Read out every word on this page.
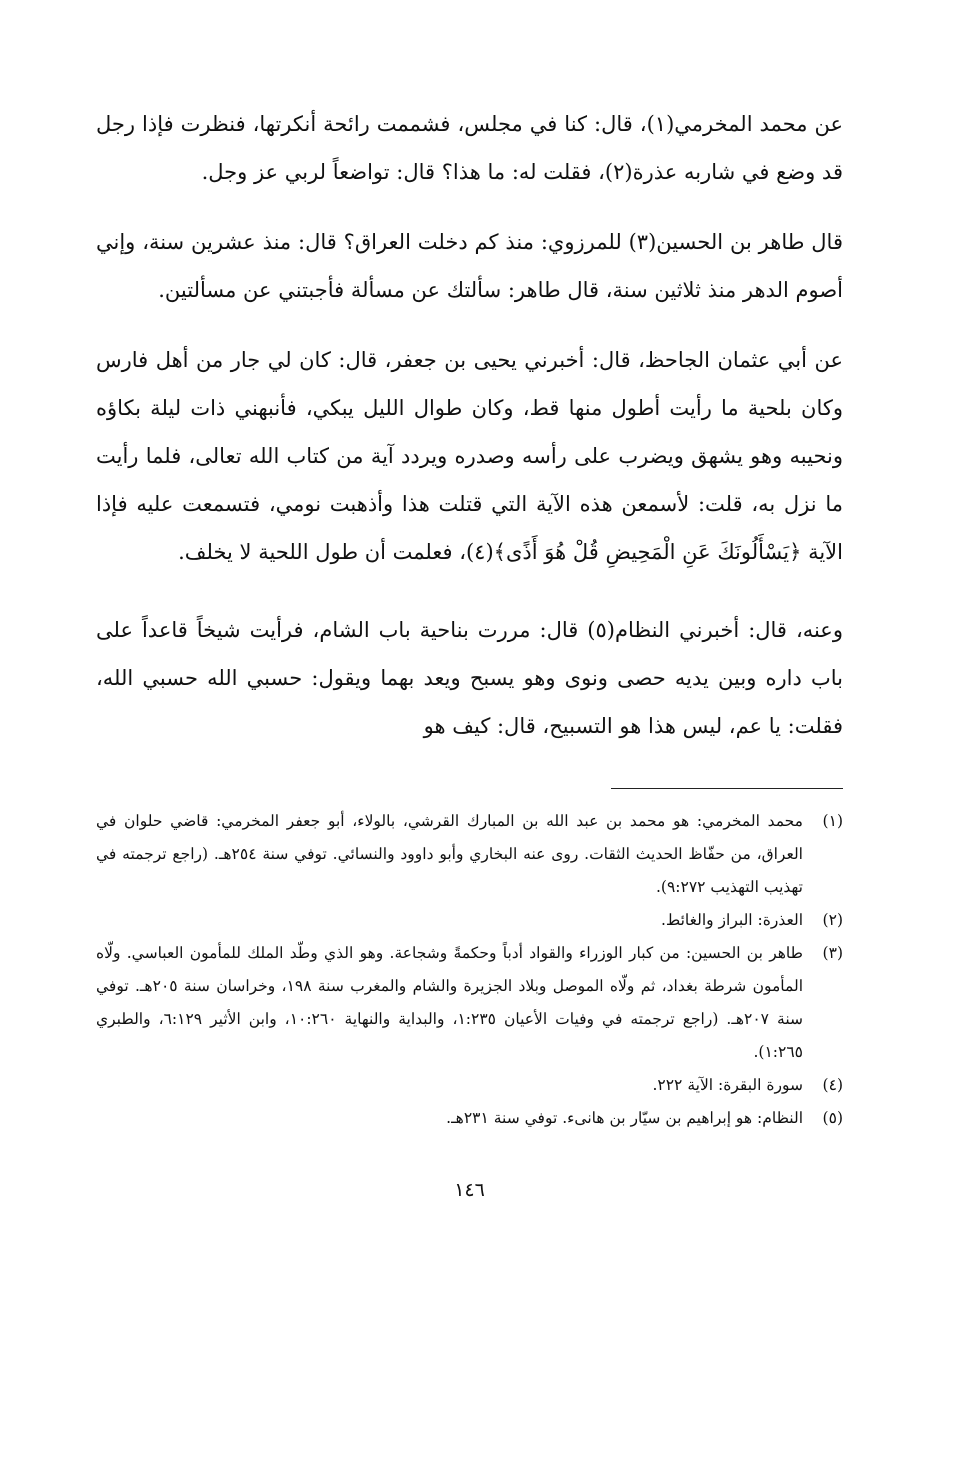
عن محمد المخرمي(١)، قال: كنا في مجلس، فشممت رائحة أنكرتها، فنظرت فإذا رجل قد وضع في شاربه عذرة(٢)، فقلت له: ما هذا؟ قال: تواضعاً لربي عز وجل.

قال طاهر بن الحسين(٣) للمرزوي: منذ كم دخلت العراق؟ قال: منذ عشرين سنة، وإني أصوم الدهر منذ ثلاثين سنة، قال طاهر: سألتك عن مسألة فأجبتني عن مسألتين.

عن أبي عثمان الجاحظ، قال: أخبرني يحيى بن جعفر، قال: كان لي جار من أهل فارس وكان بلحية ما رأيت أطول منها قط، وكان طوال الليل يبكي، فأنبهني ذات ليلة بكاؤه ونحيبه وهو يشهق ويضرب على رأسه وصدره ويردد آية من كتاب الله تعالى، فلما رأيت ما نزل به، قلت: لأسمعن هذه الآية التي قتلت هذا وأذهبت نومي، فتسمعت عليه فإذا الآية ﴿يَسْأَلُونَكَ عَنِ الْمَحِيضِ قُلْ هُوَ أَذًى﴾(٤)، فعلمت أن طول اللحية لا يخلف.

وعنه، قال: أخبرني النظام(٥) قال: مررت بناحية باب الشام، فرأيت شيخاً قاعداً على باب داره وبين يديه حصى ونوى وهو يسبح ويعد بهما ويقول: حسبي الله حسبي الله، فقلت: يا عم، ليس هذا هو التسبيح، قال: كيف هو

(١)
محمد المخرمي: هو محمد بن عبد الله بن المبارك القرشي، بالولاء، أبو جعفر المخرمي: قاضي حلوان في العراق، من حفّاظ الحديث الثقات. روى عنه البخاري وأبو داوود والنسائي. توفي سنة ٢٥٤هـ. (راجع ترجمته في تهذيب التهذيب ٩:٢٧٢).
(٢)
العذرة: البراز والغائط.
(٣)
طاهر بن الحسين: من كبار الوزراء والقواد أدباً وحكمةً وشجاعة. وهو الذي وطّد الملك للمأمون العباسي. ولّاه المأمون شرطة بغداد، ثم ولّاه الموصل وبلاد الجزيرة والشام والمغرب سنة ١٩٨، وخراسان سنة ٢٠٥هـ. توفي سنة ٢٠٧هـ. (راجع ترجمته في وفيات الأعيان ١:٢٣٥، والبداية والنهاية ١٠:٢٦٠، وابن الأثير ٦:١٢٩، والطبري ١:٢٦٥).
(٤)
سورة البقرة: الآية ٢٢٢.
(٥)
النظام: هو إبراهيم بن سيّار بن هانىء. توفي سنة ٢٣١هـ.
١٤٦
